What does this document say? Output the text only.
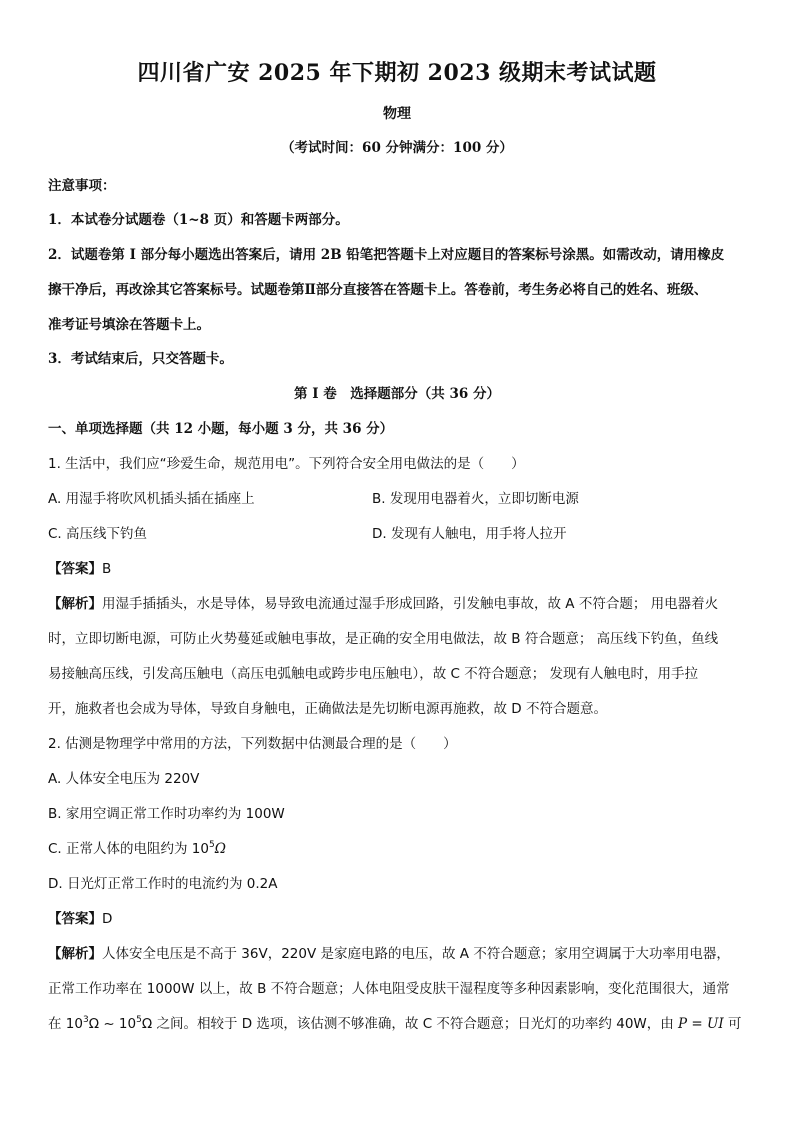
四川省广安 2025 年下期初 2023 级期末考试试题
物理
（考试时间：60 分钟满分：100 分）
注意事项：
1．本试卷分试题卷（1~8 页）和答题卡两部分。
2．试题卷第 I 部分每小题选出答案后，请用 2B 铅笔把答题卡上对应题目的答案标号涂黑。如需改动，请用橡皮
擦干净后，再改涂其它答案标号。试题卷第Ⅱ部分直接答在答题卡上。答卷前，考生务必将自己的姓名、班级、
准考证号填涂在答题卡上。
3．考试结束后，只交答题卡。
第 I 卷　选择题部分（共 36 分）
一、单项选择题（共 12 小题，每小题 3 分，共 36 分）
1. 生活中，我们应“珍爱生命，规范用电”。下列符合安全用电做法的是（　　）
A. 用湿手将吹风机插头插在插座上	B. 发现用电器着火，立即切断电源
C. 高压线下钓鱼	D. 发现有人触电，用手将人拉开
【答案】B
【解析】用湿手插插头，水是导体，易导致电流通过湿手形成回路，引发触电事故，故 A 不符合题； 用电器着火
时，立即切断电源，可防止火势蔓延或触电事故，是正确的安全用电做法，故 B 符合题意； 高压线下钓鱼，鱼线
易接触高压线，引发高压触电（高压电弧触电或跨步电压触电），故 C 不符合题意； 发现有人触电时，用手拉
开，施救者也会成为导体，导致自身触电，正确做法是先切断电源再施救，故 D 不符合题意。
2. 估测是物理学中常用的方法，下列数据中估测最合理的是（　　）
A. 人体安全电压为 220V
B. 家用空调正常工作时功率约为 100W
C. 正常人体的电阻约为 $10^5\Omega$
D. 日光灯正常工作时的电流约为 0.2A
【答案】D
【解析】人体安全电压是不高于 36V，220V 是家庭电路的电压，故 A 不符合题意；家用空调属于大功率用电器，
正常工作功率在 1000W 以上，故 B 不符合题意；人体电阻受皮肤干湿程度等多种因素影响，变化范围很大，通常
在 $10^3\Omega$ ~ $10^5\Omega$ 之间。相较于 D 选项，该估测不够准确，故 C 不符合题意；日光灯的功率约 40W，由 P = UI 可
